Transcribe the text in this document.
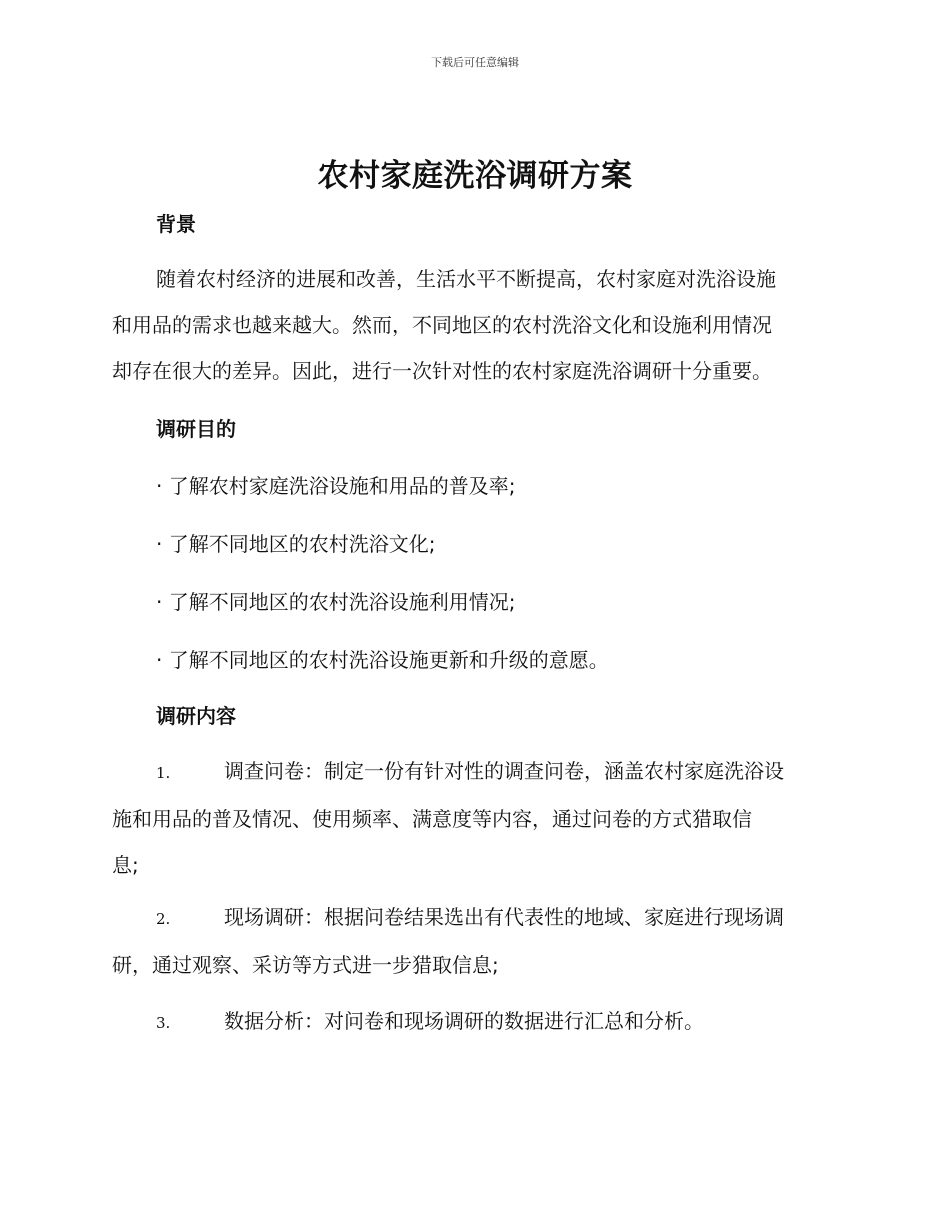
下载后可任意编辑
农村家庭洗浴调研方案
背景
随着农村经济的进展和改善，生活水平不断提高，农村家庭对洗浴设施
和用品的需求也越来越大。然而，不同地区的农村洗浴文化和设施利用情况
却存在很大的差异。因此，进行一次针对性的农村家庭洗浴调研十分重要。
调研目的
· 了解农村家庭洗浴设施和用品的普及率;
· 了解不同地区的农村洗浴文化;
· 了解不同地区的农村洗浴设施利用情况;
· 了解不同地区的农村洗浴设施更新和升级的意愿。
调研内容
1.	调查问卷：制定一份有针对性的调查问卷，涵盖农村家庭洗浴设
施和用品的普及情况、使用频率、满意度等内容，通过问卷的方式猎取信
息;
2.	现场调研：根据问卷结果选出有代表性的地域、家庭进行现场调
研，通过观察、采访等方式进一步猎取信息;
3.	数据分析：对问卷和现场调研的数据进行汇总和分析。
